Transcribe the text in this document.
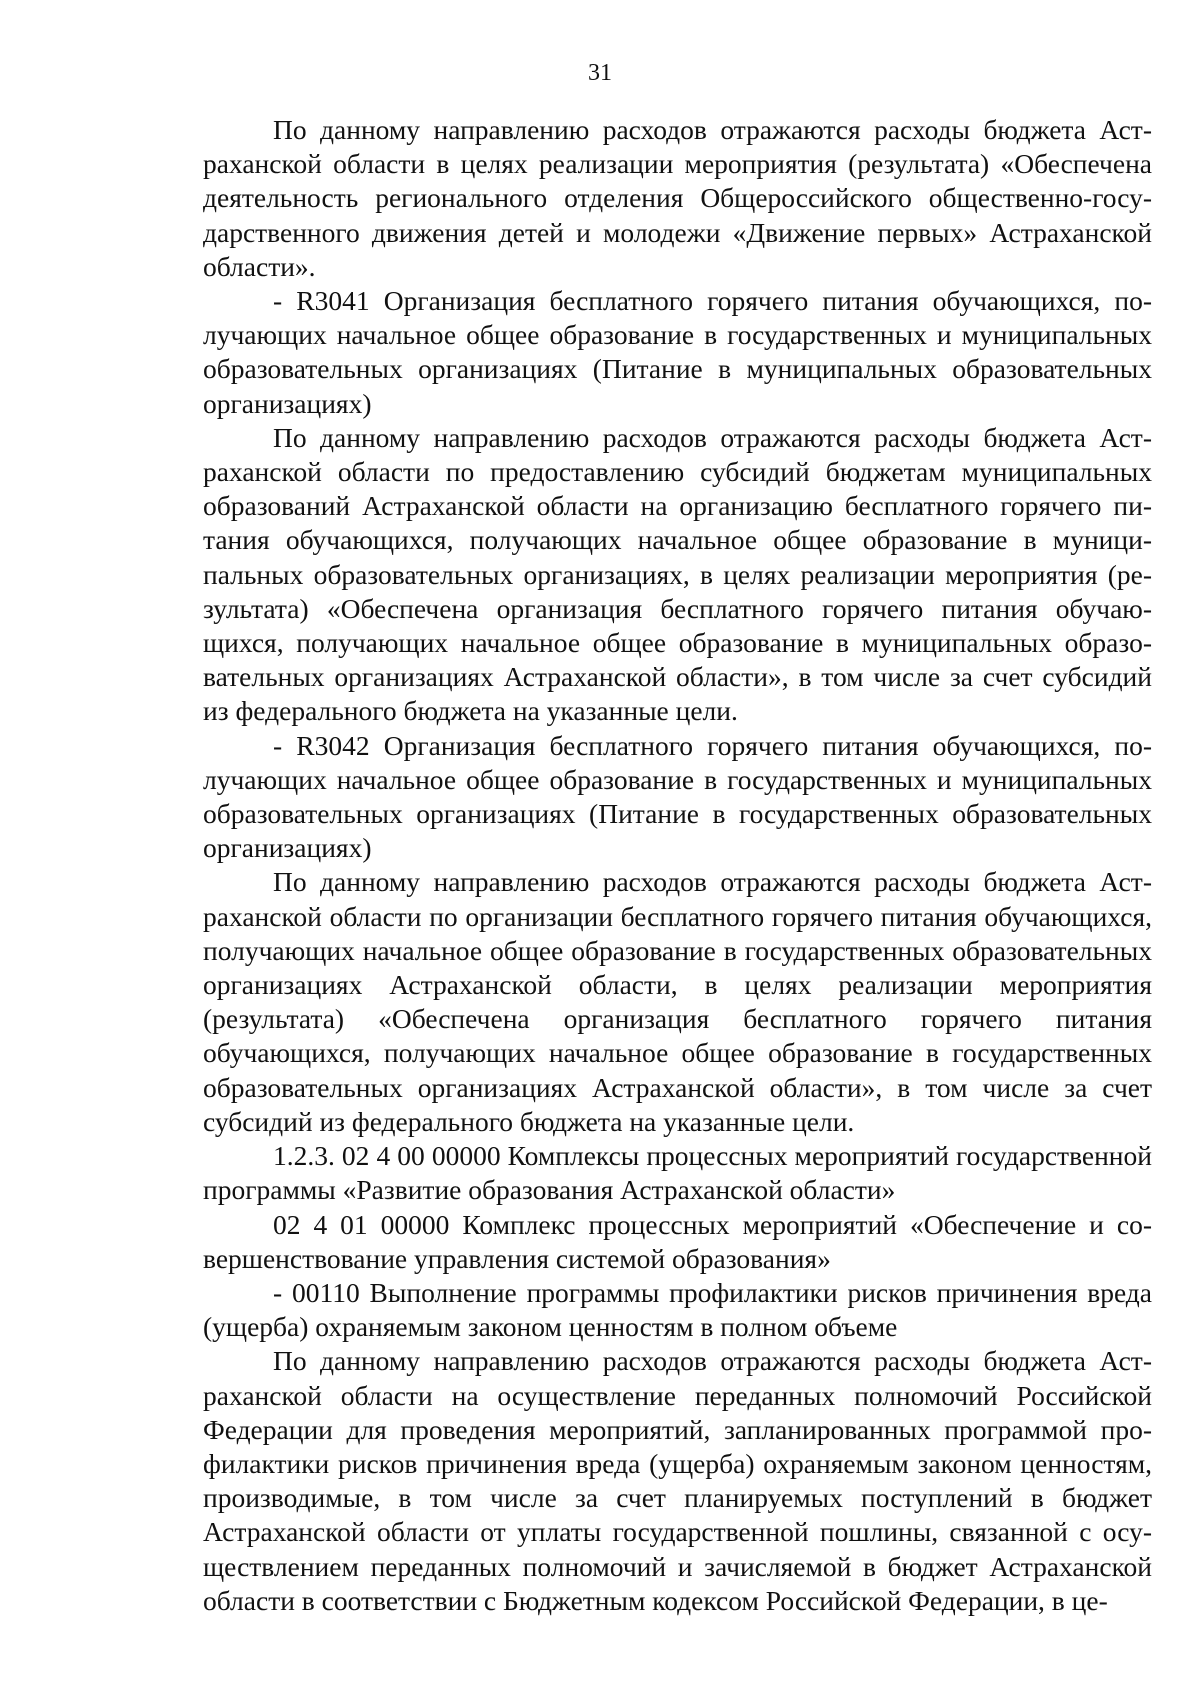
31

По данному направлению расходов отражаются расходы бюджета Астраханской области в целях реализации мероприятия (результата) «Обеспечена деятельность регионального отделения Общероссийского общественно-государственного движения детей и молодежи «Движение первых» Астраханской области».

- R3041 Организация бесплатного горячего питания обучающихся, получающих начальное общее образование в государственных и муниципальных образовательных организациях (Питание в муниципальных образовательных организациях)

По данному направлению расходов отражаются расходы бюджета Астраханской области по предоставлению субсидий бюджетам муниципальных образований Астраханской области на организацию бесплатного горячего питания обучающихся, получающих начальное общее образование в муниципальных образовательных организациях, в целях реализации мероприятия (результата) «Обеспечена организация бесплатного горячего питания обучающихся, получающих начальное общее образование в муниципальных образовательных организациях Астраханской области», в том числе за счет субсидий из федерального бюджета на указанные цели.

- R3042 Организация бесплатного горячего питания обучающихся, получающих начальное общее образование в государственных и муниципальных образовательных организациях (Питание в государственных образовательных организациях)

По данному направлению расходов отражаются расходы бюджета Астраханской области по организации бесплатного горячего питания обучающихся, получающих начальное общее образование в государственных образовательных организациях Астраханской области, в целях реализации мероприятия (результата) «Обеспечена организация бесплатного горячего питания обучающихся, получающих начальное общее образование в государственных образовательных организациях Астраханской области», в том числе за счет субсидий из федерального бюджета на указанные цели.

1.2.3. 02 4 00 00000 Комплексы процессных мероприятий государственной программы «Развитие образования Астраханской области»

02 4 01 00000 Комплекс процессных мероприятий «Обеспечение и совершенствование управления системой образования»

- 00110 Выполнение программы профилактики рисков причинения вреда (ущерба) охраняемым законом ценностям в полном объеме

По данному направлению расходов отражаются расходы бюджета Астраханской области на осуществление переданных полномочий Российской Федерации для проведения мероприятий, запланированных программой профилактики рисков причинения вреда (ущерба) охраняемым законом ценностям, производимые, в том числе за счет планируемых поступлений в бюджет Астраханской области от уплаты государственной пошлины, связанной с осуществлением переданных полномочий и зачисляемой в бюджет Астраханской области в соответствии с Бюджетным кодексом Российской Федерации, в це-
